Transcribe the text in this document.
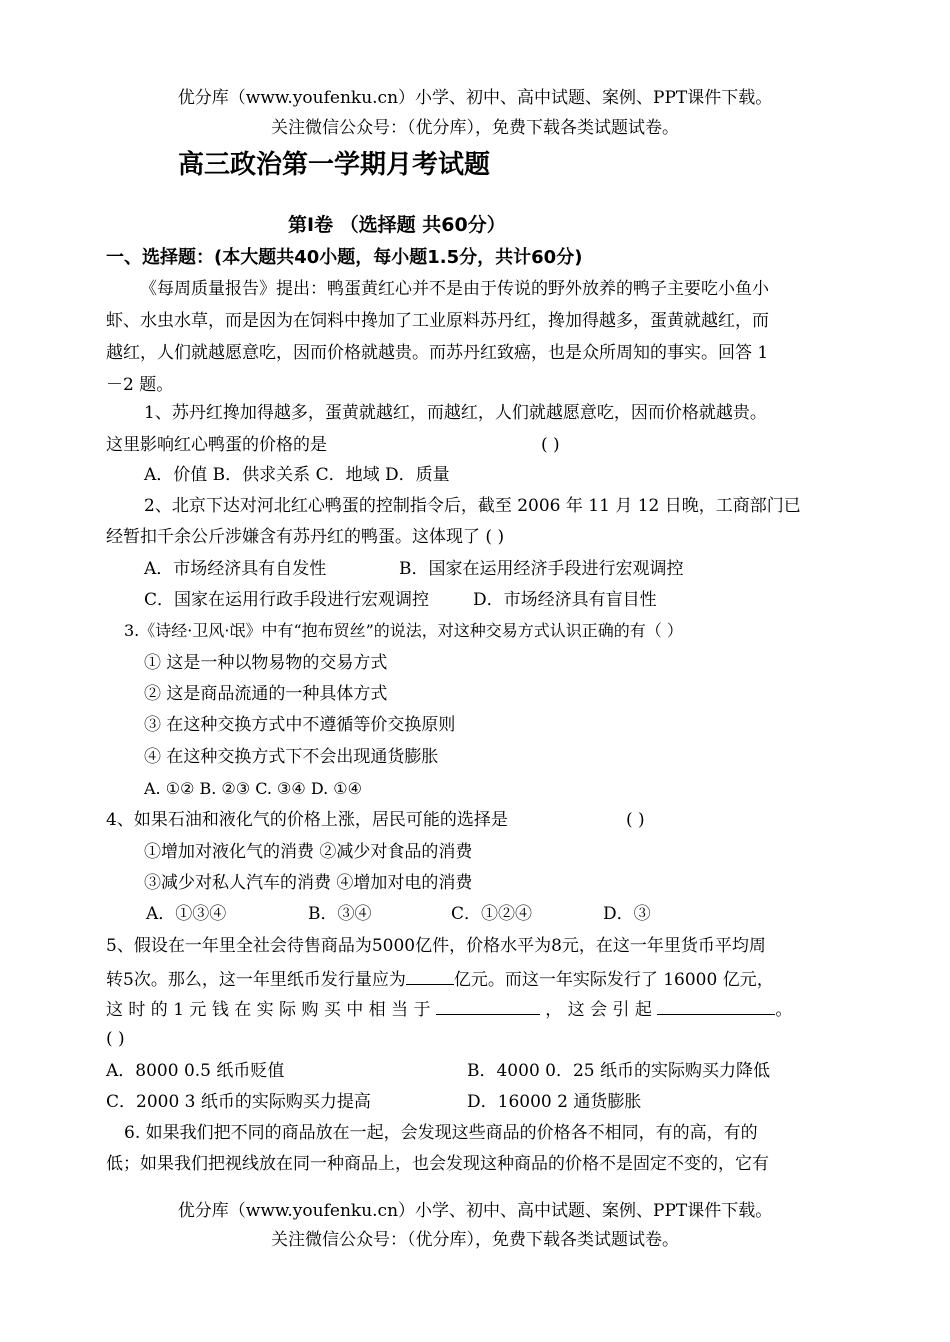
优分库（www.youfenku.cn）小学、初中、高中试题、案例、PPT课件下载。
关注微信公众号：（优分库），免费下载各类试题试卷。
高三政治第一学期月考试题
第Ⅰ卷 （选择题 共60分）
一、选择题：(本大题共40小题，每小题1.5分，共计60分)
《每周质量报告》提出：鸭蛋黄红心并不是由于传说的野外放养的鸭子主要吃小鱼小
虾、水虫水草，而是因为在饲料中搀加了工业原料苏丹红，搀加得越多，蛋黄就越红，而
越红，人们就越愿意吃，因而价格就越贵。而苏丹红致癌，也是众所周知的事实。回答 1
－2 题。
1、苏丹红搀加得越多，蛋黄就越红，而越红，人们就越愿意吃，因而价格就越贵。
这里影响红心鸭蛋的价格的是	( )
A．价值 B．供求关系 C．地域 D．质量
2、北京下达对河北红心鸭蛋的控制指令后，截至 2006 年 11 月 12 日晚，工商部门已
经暂扣千余公斤涉嫌含有苏丹红的鸭蛋。这体现了 ( )
A．市场经济具有自发性	B．国家在运用经济手段进行宏观调控
C．国家在运用行政手段进行宏观调控	D．市场经济具有盲目性
3.《诗经·卫风·氓》中有“抱布贸丝”的说法，对这种交易方式认识正确的有（ ）
① 这是一种以物易物的交易方式
② 这是商品流通的一种具体方式
③ 在这种交换方式中不遵循等价交换原则
④ 在这种交换方式下不会出现通货膨胀
A. ①② B. ②③ C. ③④ D. ①④
4、如果石油和液化气的价格上涨，居民可能的选择是	( )
①增加对液化气的消费 ②减少对食品的消费
③减少对私人汽车的消费 ④增加对电的消费
A．①③④	B．③④	C．①②④	D．③
5、假设在一年里全社会待售商品为5000亿件，价格水平为8元，在这一年里货币平均周
转5次。那么，这一年里纸币发行量应为	亿元。而这一年实际发行了 16000 亿元，
这 时 的 1 元 钱 在 实 际 购 买 中 相 当 于	， 这 会 引 起	。
( )
A．8000 0.5 纸币贬值	B．4000 0．25 纸币的实际购买力降低
C．2000 3 纸币的实际购买力提高	D．16000 2 通货膨胀
6. 如果我们把不同的商品放在一起，会发现这些商品的价格各不相同，有的高，有的
低；如果我们把视线放在同一种商品上，也会发现这种商品的价格不是固定不变的，它有
优分库（www.youfenku.cn）小学、初中、高中试题、案例、PPT课件下载。
关注微信公众号：（优分库），免费下载各类试题试卷。
